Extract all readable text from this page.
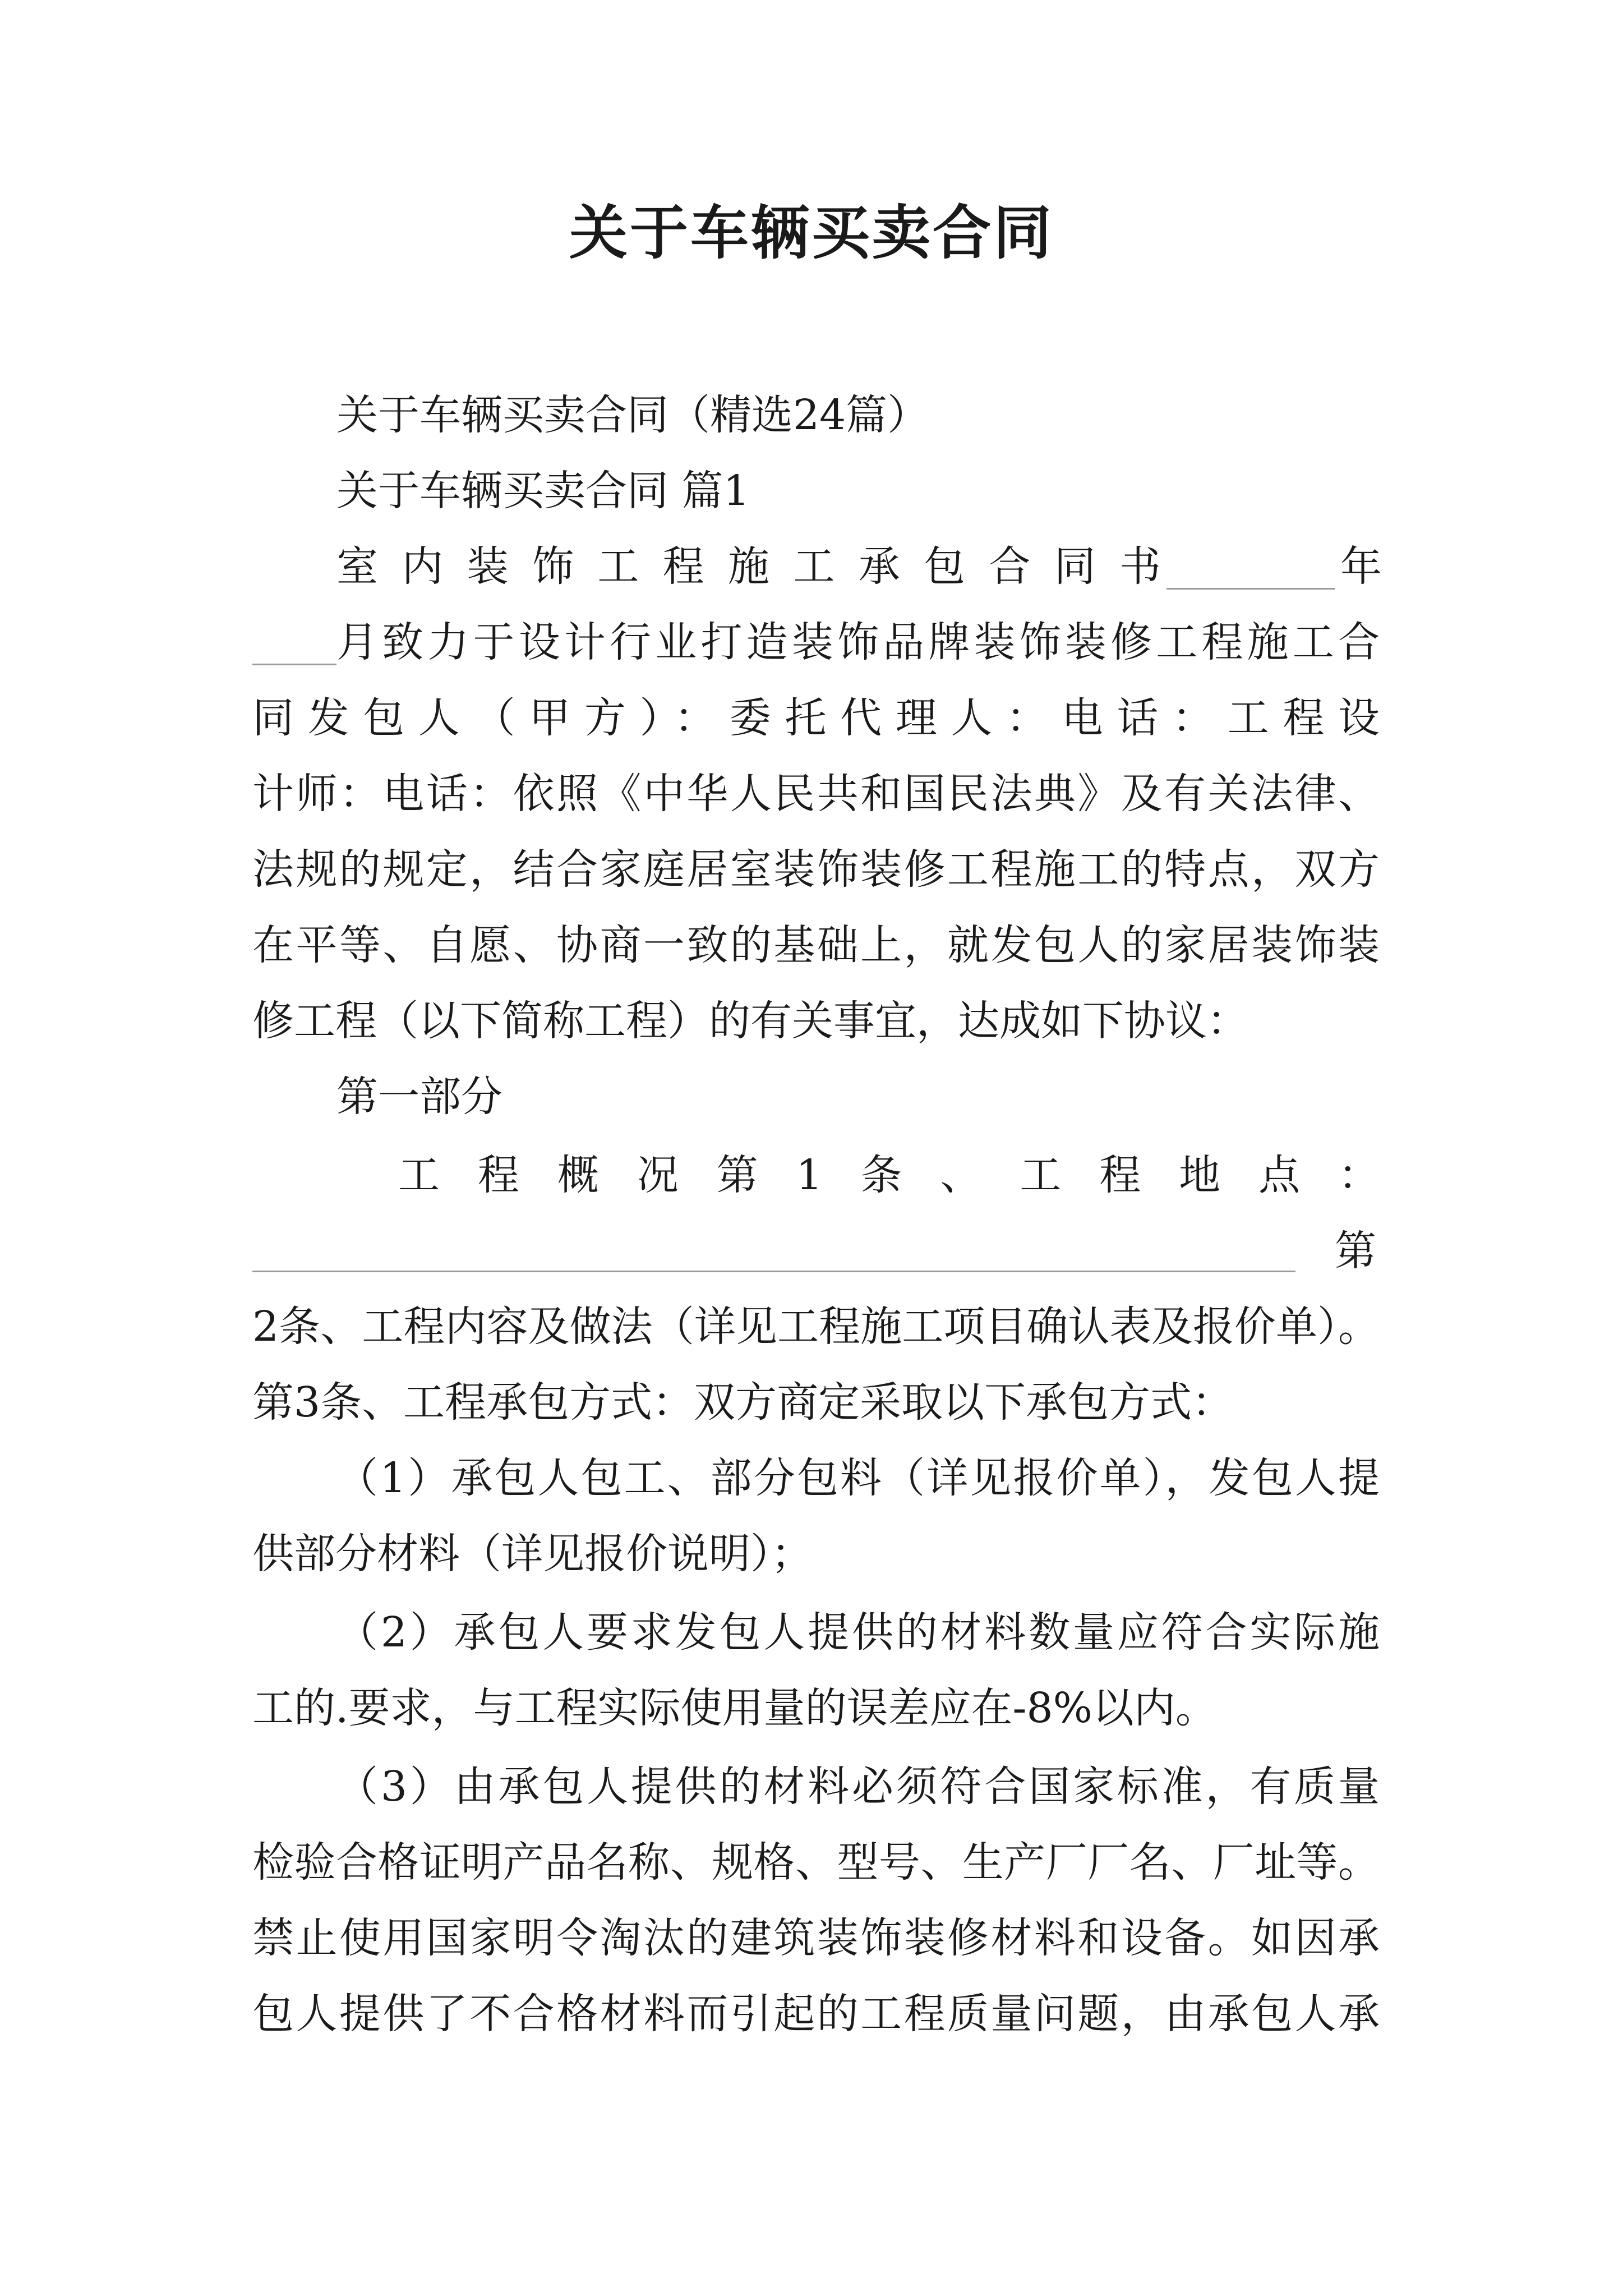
关于车辆买卖合同
关于车辆买卖合同（精选24篇）
关于车辆买卖合同 篇1
室内装饰工程施工承包合同书	年
月致力于设计行业打造装饰品牌装饰装修工程施工合
同发包人（甲方）：委托代理人：电话：工程设
计师：电话：依照《中华人民共和国民法典》及有关法律、
法规的规定，结合家庭居室装饰装修工程施工的特点，双方
在平等、自愿、协商一致的基础上，就发包人的家居装饰装
修工程（以下简称工程）的有关事宜，达成如下协议：
第一部分
工程概况第1条、工程地点：
第
2条、工程内容及做法（详见工程施工项目确认表及报价单）。
第3条、工程承包方式：双方商定采取以下承包方式：
（1）承包人包工、部分包料（详见报价单），发包人提
供部分材料（详见报价说明）；
（2）承包人要求发包人提供的材料数量应符合实际施
工的.要求，与工程实际使用量的误差应在-8%以内。
（3）由承包人提供的材料必须符合国家标准，有质量
检验合格证明产品名称、规格、型号、生产厂厂名、厂址等。
禁止使用国家明令淘汰的建筑装饰装修材料和设备。如因承
包人提供了不合格材料而引起的工程质量问题，由承包人承
